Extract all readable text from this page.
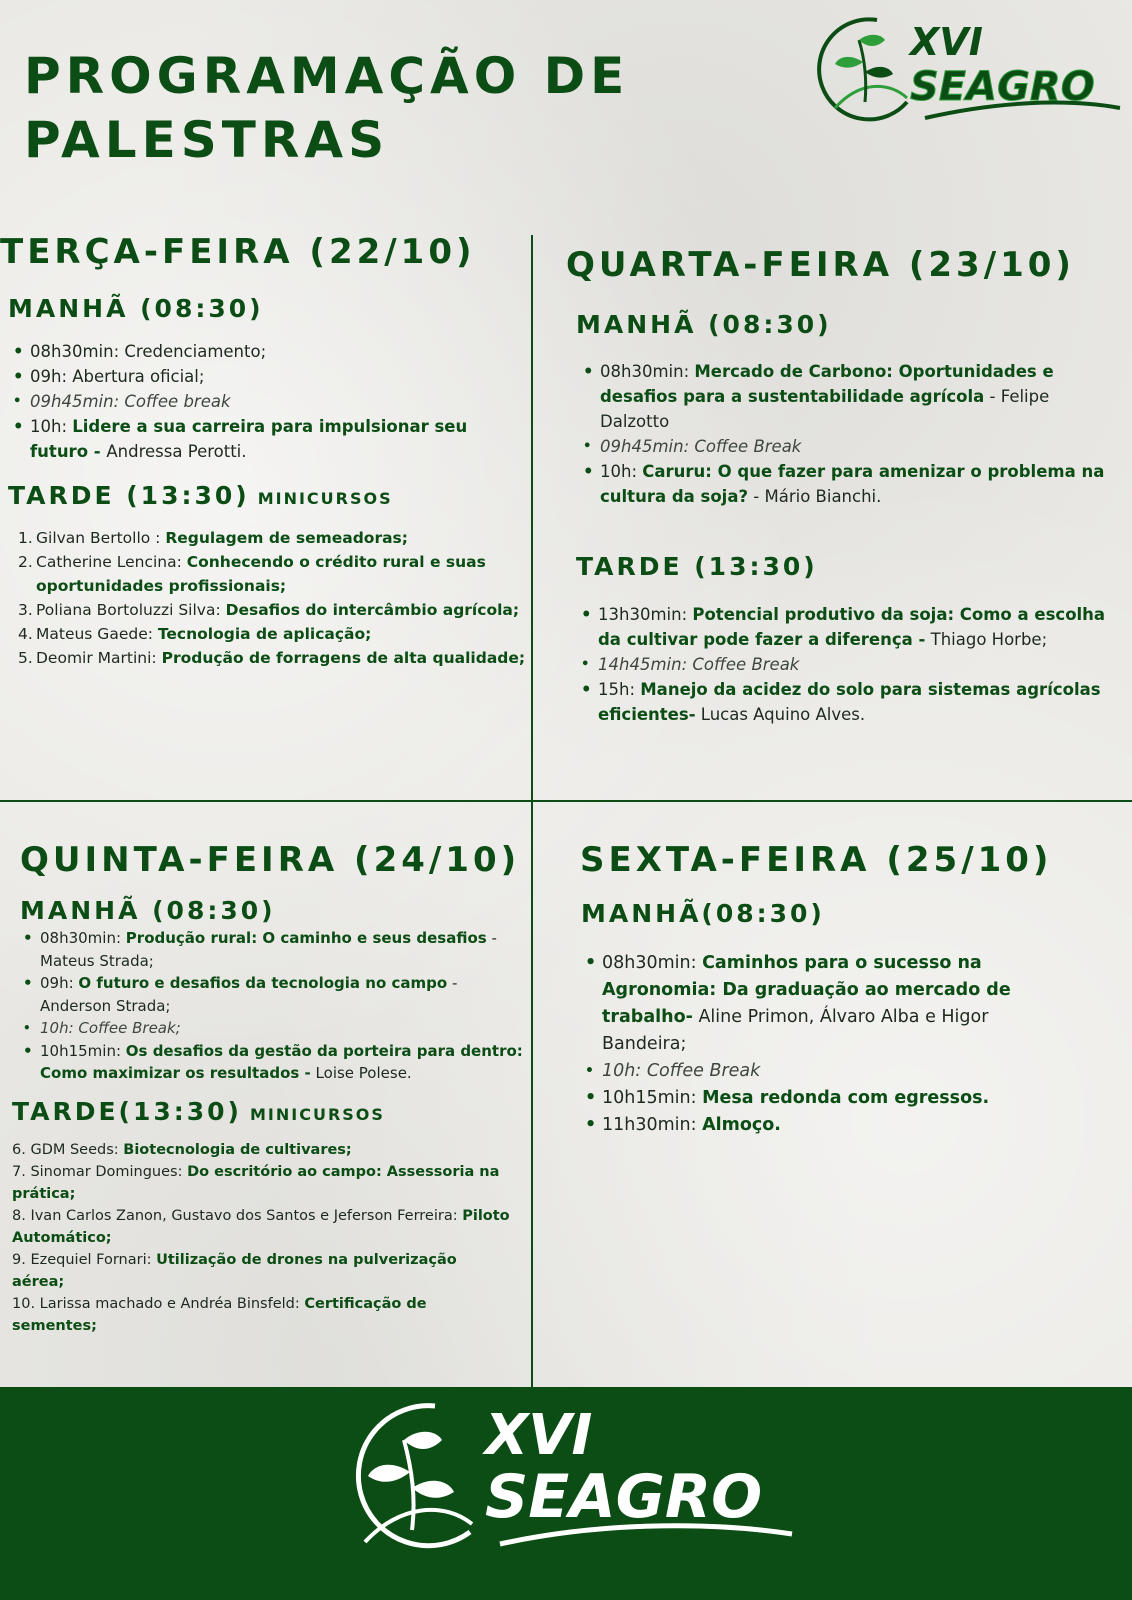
PROGRAMAÇÃO DE
PALESTRAS
XVI
SEAGRO
TERÇA-FEIRA (22/10)
MANHÃ (08:30)
• 08h30min: Credenciamento;
• 09h: Abertura oficial;
• 09h45min: Coffee break
• 10h: Lidere a sua carreira para impulsionar seu futuro - Andressa Perotti.
TARDE (13:30) MINICURSOS
1. Gilvan Bertollo : Regulagem de semeadoras;
2. Catherine Lencina: Conhecendo o crédito rural e suas oportunidades profissionais;
3. Poliana Bortoluzzi Silva: Desafios do intercâmbio agrícola;
4. Mateus Gaede: Tecnologia de aplicação;
5. Deomir Martini: Produção de forragens de alta qualidade;
QUARTA-FEIRA (23/10)
MANHÃ (08:30)
• 08h30min: Mercado de Carbono: Oportunidades e desafios para a sustentabilidade agrícola - Felipe Dalzotto
• 09h45min: Coffee Break
• 10h: Caruru: O que fazer para amenizar o problema na cultura da soja? - Mário Bianchi.
TARDE (13:30)
• 13h30min: Potencial produtivo da soja: Como a escolha da cultivar pode fazer a diferença - Thiago Horbe;
• 14h45min: Coffee Break
• 15h: Manejo da acidez do solo para sistemas agrícolas eficientes- Lucas Aquino Alves.
QUINTA-FEIRA (24/10)
MANHÃ (08:30)
• 08h30min: Produção rural: O caminho e seus desafios - Mateus Strada;
• 09h: O futuro e desafios da tecnologia no campo - Anderson Strada;
• 10h: Coffee Break;
• 10h15min: Os desafios da gestão da porteira para dentro: Como maximizar os resultados - Loise Polese.
TARDE(13:30) MINICURSOS
6. GDM Seeds: Biotecnologia de cultivares;
7. Sinomar Domingues: Do escritório ao campo: Assessoria na prática;
8. Ivan Carlos Zanon, Gustavo dos Santos e Jeferson Ferreira: Piloto Automático;
9. Ezequiel Fornari: Utilização de drones na pulverização aérea;
10. Larissa machado e Andréa Binsfeld: Certificação de sementes;
SEXTA-FEIRA (25/10)
MANHÃ(08:30)
• 08h30min: Caminhos para o sucesso na Agronomia: Da graduação ao mercado de trabalho- Aline Primon, Álvaro Alba e Higor Bandeira;
• 10h: Coffee Break
• 10h15min: Mesa redonda com egressos.
• 11h30min: Almoço.
XVI
SEAGRO
